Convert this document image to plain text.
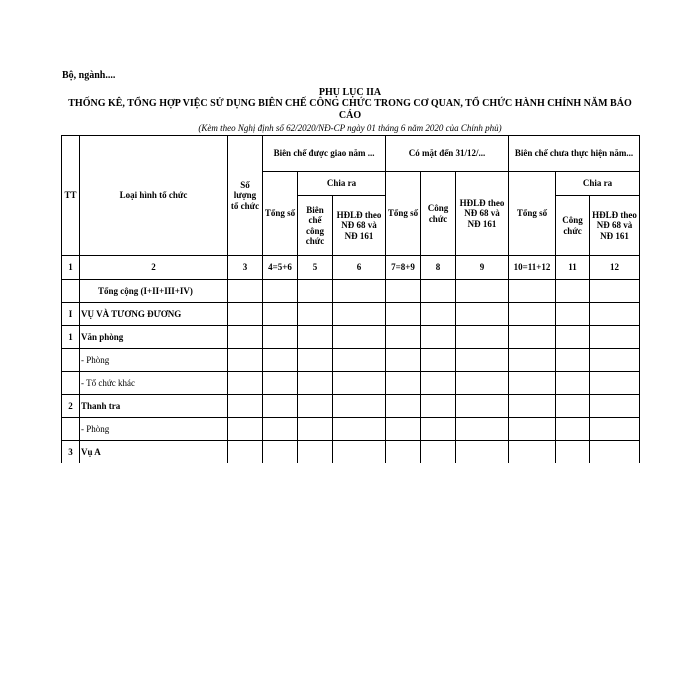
Bộ, ngành....
PHỤ LỤC IIA
THỐNG KÊ, TỔNG HỢP VIỆC SỬ DỤNG BIÊN CHẾ CÔNG CHỨC TRONG CƠ QUAN, TỔ CHỨC HÀNH CHÍNH NĂM BÁO CÁO
(Kèm theo Nghị định số 62/2020/NĐ-CP ngày 01 tháng 6 năm 2020 của Chính phủ)
TT	Loại hình tổ chức	Số lượng tổ chức	Biên chế được giao năm ...			Có mặt đến 31/12/...			Biên chế chưa thực hiện năm...		
			Tổng số	Chia ra		Tổng số	Công chức	HĐLĐ theo NĐ 68 và NĐ 161	Tổng số	Chia ra	
				Biên chế công chức	HĐLĐ theo NĐ 68 và NĐ 161					Công chức	HĐLĐ theo NĐ 68 và NĐ 161
1	2	3	4=5+6	5	6	7=8+9	8	9	10=11+12	11	12
	Tổng cộng (I+II+III+IV)										
I	VỤ VÀ TƯƠNG ĐƯƠNG										
1	Văn phòng										
	- Phòng										
	- Tổ chức khác										
2	Thanh tra										
	- Phòng										
3	Vụ A										
